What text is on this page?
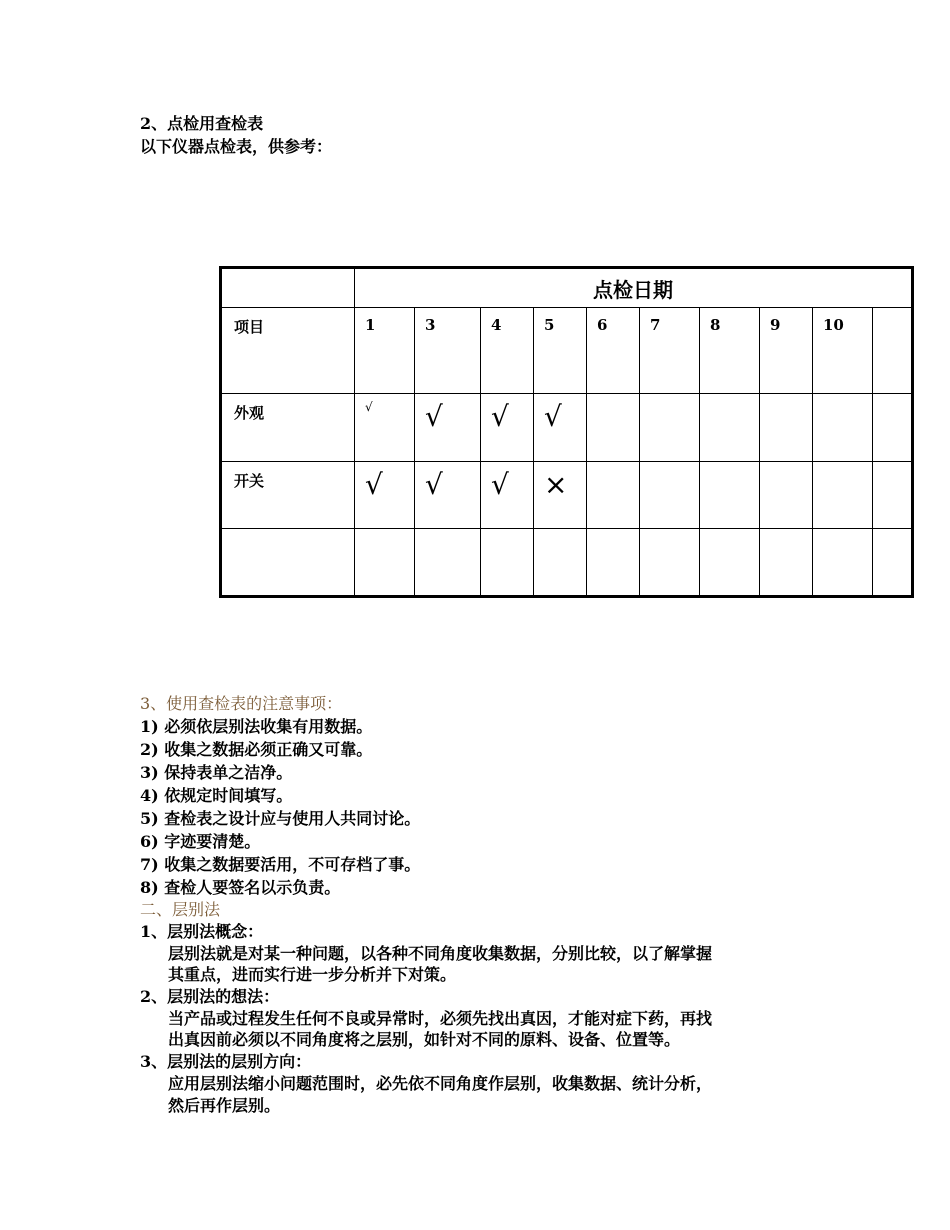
2、点检用查检表
以下仪器点检表，供参考：
	点检日期									
项目	1	3	4	5	6	7	8	9	10	
外观	√	√	√	√						
开关	√	√	√	×						

3、使用查检表的注意事项：
1) 必须依层别法收集有用数据。
2) 收集之数据必须正确又可靠。
3) 保持表单之洁净。
4) 依规定时间填写。
5) 查检表之设计应与使用人共同讨论。
6) 字迹要清楚。
7) 收集之数据要活用，不可存档了事。
8) 查检人要签名以示负责。
二、层别法
1、层别法概念：
层别法就是对某一种问题，以各种不同角度收集数据，分别比较，以了解掌握
其重点，进而实行进一步分析并下对策。
2、层别法的想法：
当产品或过程发生任何不良或异常时，必须先找出真因，才能对症下药，再找
出真因前必须以不同角度将之层别，如针对不同的原料、设备、位置等。
3、层别法的层别方向：
应用层别法缩小问题范围时，必先依不同角度作层别，收集数据、统计分析，
然后再作层别。
